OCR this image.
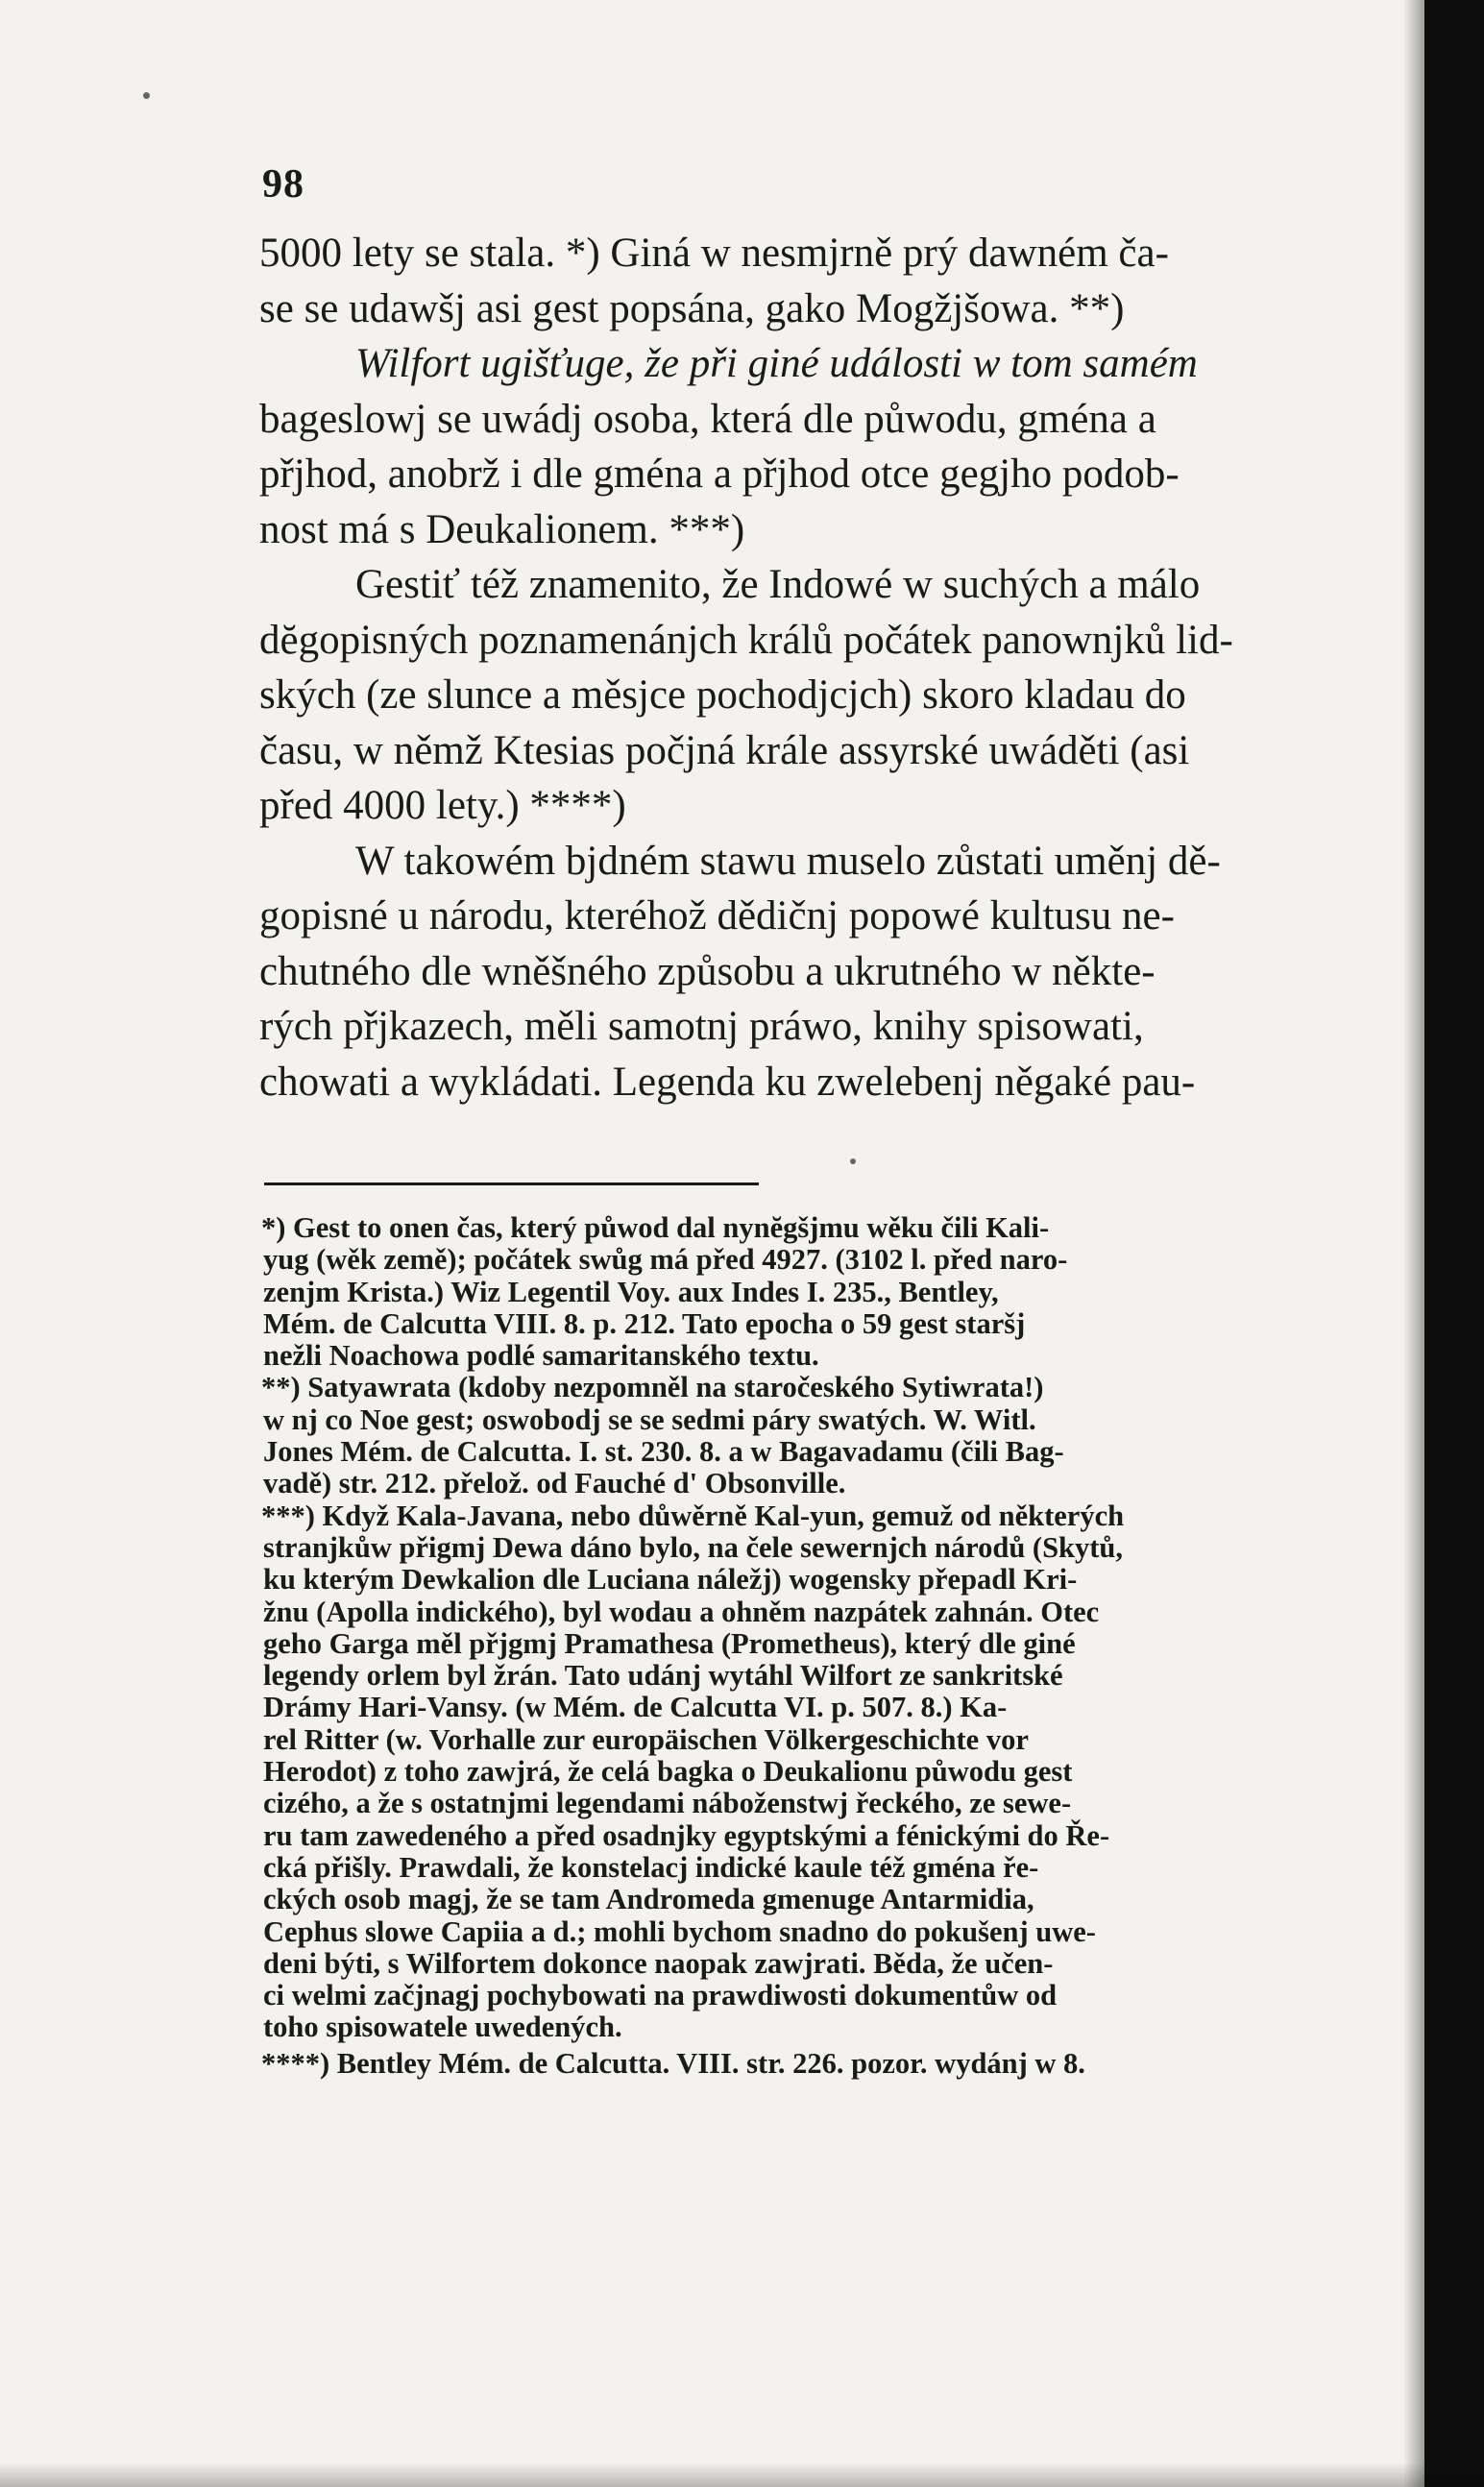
98

5000 lety se stala. *) Giná w nesmjrně prý dawném ča-
se se udawšj asi gest popsána, gako Mogžjšowa. **)
Wilfort ugišťuge, že při giné události w tom samém
bageslowj se uwádj osoba, která dle půwodu, gména a
přjhod, anobrž i dle gména a přjhod otce gegjho podob-
nost má s Deukalionem. ***)

Gestiť též znamenito, že Indowé w suchých a málo
dĕgopisných poznamenánjch králů počátek panownjků lid-
ských (ze slunce a měsjce pochodjcjch) skoro kladau do
času, w němž Ktesias počjná krále assyrské uwáděti (asi
před 4000 lety.) ****)

W takowém bjdném stawu muselo zůstati uměnj dě-
gopisné u národu, kteréhož dědičnj popowé kultusu ne-
chutného dle wněšného způsobu a ukrutného w někte-
rých přjkazech, měli samotnj práwo, knihy spisowati,
chowati a wykládati. Legenda ku zwelebenj něgaké pau-

*) Gest to onen čas, který půwod dal nynĕgšjmu wěku čili Kali-
yug (wěk země); počátek swůg má před 4927. (3102 l. před naro-
zenjm Krista.) Wiz Legentil Voy. aux Indes I. 235., Bentley,
Mém. de Calcutta VIII. 8. p. 212. Tato epocha o 59 gest staršj
nežli Noachowa podlé samaritanského textu.
**) Satyawrata (kdoby nezpomněl na staročeského Sytiwrata!)
w nj co Noe gest; oswobodj se se sedmi páry swatých. W. Witl.
Jones Mém. de Calcutta. I. st. 230. 8. a w Bagavadamu (čili Bag-
vadě) str. 212. přelož. od Fauché d' Obsonville.
***) Když Kala-Javana, nebo důwěrně Kal-yun, gemuž od některých
stranjkůw přigmj Dewa dáno bylo, na čele sewernjch národů (Skytů,
ku kterým Dewkalion dle Luciana náležj) wogensky přepadl Kri-
žnu (Apolla indického), byl wodau a ohněm nazpátek zahnán. Otec
geho Garga měl přjgmj Pramathesa (Prometheus), který dle giné
legendy orlem byl žrán. Tato udánj wytáhl Wilfort ze sankritské
Drámy Hari-Vansy. (w Mém. de Calcutta VI. p. 507. 8.) Ka-
rel Ritter (w. Vorhalle zur europäischen Völkergeschichte vor
Herodot) z toho zawjrá, že celá bagka o Deukalionu půwodu gest
cizého, a že s ostatnjmi legendami náboženstwj řeckého, ze sewe-
ru tam zawedeného a před osadnjky egyptskými a fénickými do Ře-
cká přišly. Prawdali, že konstelacj indické kaule též gména ře-
ckých osob magj, že se tam Andromeda gmenuge Antarmidia,
Cephus slowe Capiia a d.; mohli bychom snadno do pokušenj uwe-
deni býti, s Wilfortem dokonce naopak zawjrati. Běda, že učen-
ci welmi začjnagj pochybowati na prawdiwosti dokumentůw od
toho spisowatele uwedených.
****) Bentley Mém. de Calcutta. VIII. str. 226. pozor. wydánj w 8.
